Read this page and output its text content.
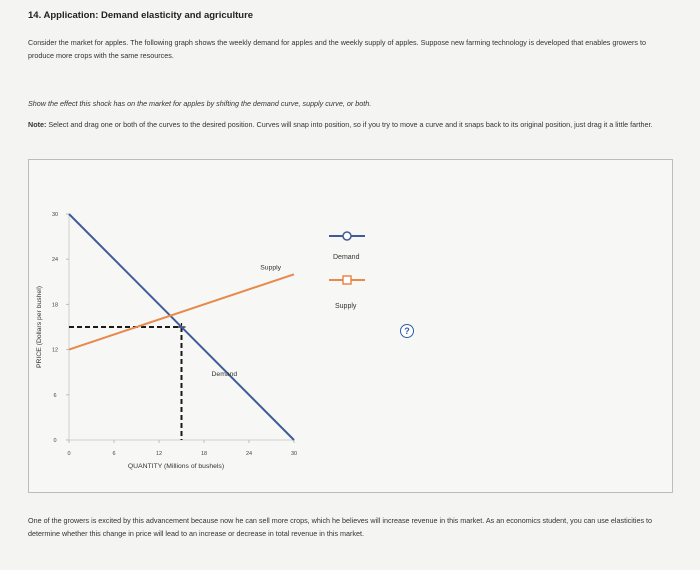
14. Application: Demand elasticity and agriculture
Consider the market for apples. The following graph shows the weekly demand for apples and the weekly supply of apples. Suppose new farming technology is developed that enables growers to produce more crops with the same resources.
Show the effect this shock has on the market for apples by shifting the demand curve, supply curve, or both.
Note: Select and drag one or both of the curves to the desired position. Curves will snap into position, so if you try to move a curve and it snaps back to its original position, just drag it a little farther.
?
0
6
12
18
24
30
0	6	12	18	24	30
Demand
Supply
PRICE (Dollars per bushel)
QUANTITY (Millions of bushels)
Demand
Supply
One of the growers is excited by this advancement because now he can sell more crops, which he believes will increase revenue in this market. As an economics student, you can use elasticities to determine whether this change in price will lead to an increase or decrease in total revenue in this market.
